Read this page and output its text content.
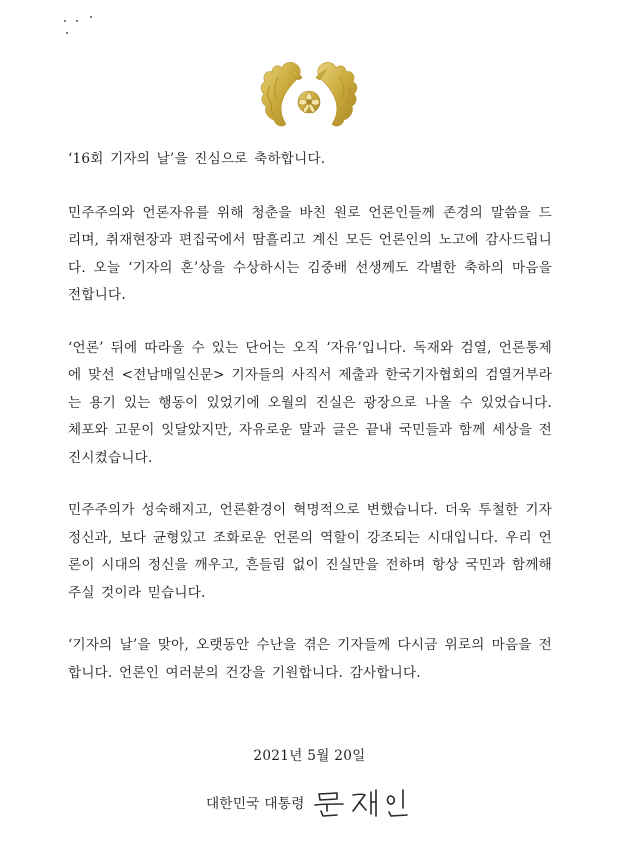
‘16회 기자의 날’을 진심으로 축하합니다.

민주주의와 언론자유를 위해 청춘을 바친 원로 언론인들께 존경의 말씀을 드리며, 취재현장과 편집국에서 땀흘리고 계신 모든 언론인의 노고에 감사드립니다. 오늘 ‘기자의 혼’상을 수상하시는 김중배 선생께도 각별한 축하의 마음을 전합니다.

‘언론’ 뒤에 따라올 수 있는 단어는 오직 ‘자유’입니다. 독재와 검열, 언론통제에 맞선 <전남매일신문> 기자들의 사직서 제출과 한국기자협회의 검열거부라는 용기 있는 행동이 있었기에 오월의 진실은 광장으로 나올 수 있었습니다. 체포와 고문이 잇달았지만, 자유로운 말과 글은 끝내 국민들과 함께 세상을 전진시켰습니다.

민주주의가 성숙해지고, 언론환경이 혁명적으로 변했습니다. 더욱 투철한 기자정신과, 보다 균형있고 조화로운 언론의 역할이 강조되는 시대입니다. 우리 언론이 시대의 정신을 깨우고, 흔들림 없이 진실만을 전하며 항상 국민과 함께해 주실 것이라 믿습니다.

‘기자의 날’을 맞아, 오랫동안 수난을 겪은 기자들께 다시금 위로의 마음을 전합니다. 언론인 여러분의 건강을 기원합니다. 감사합니다.

2021년 5월 20일
대한민국 대통령
